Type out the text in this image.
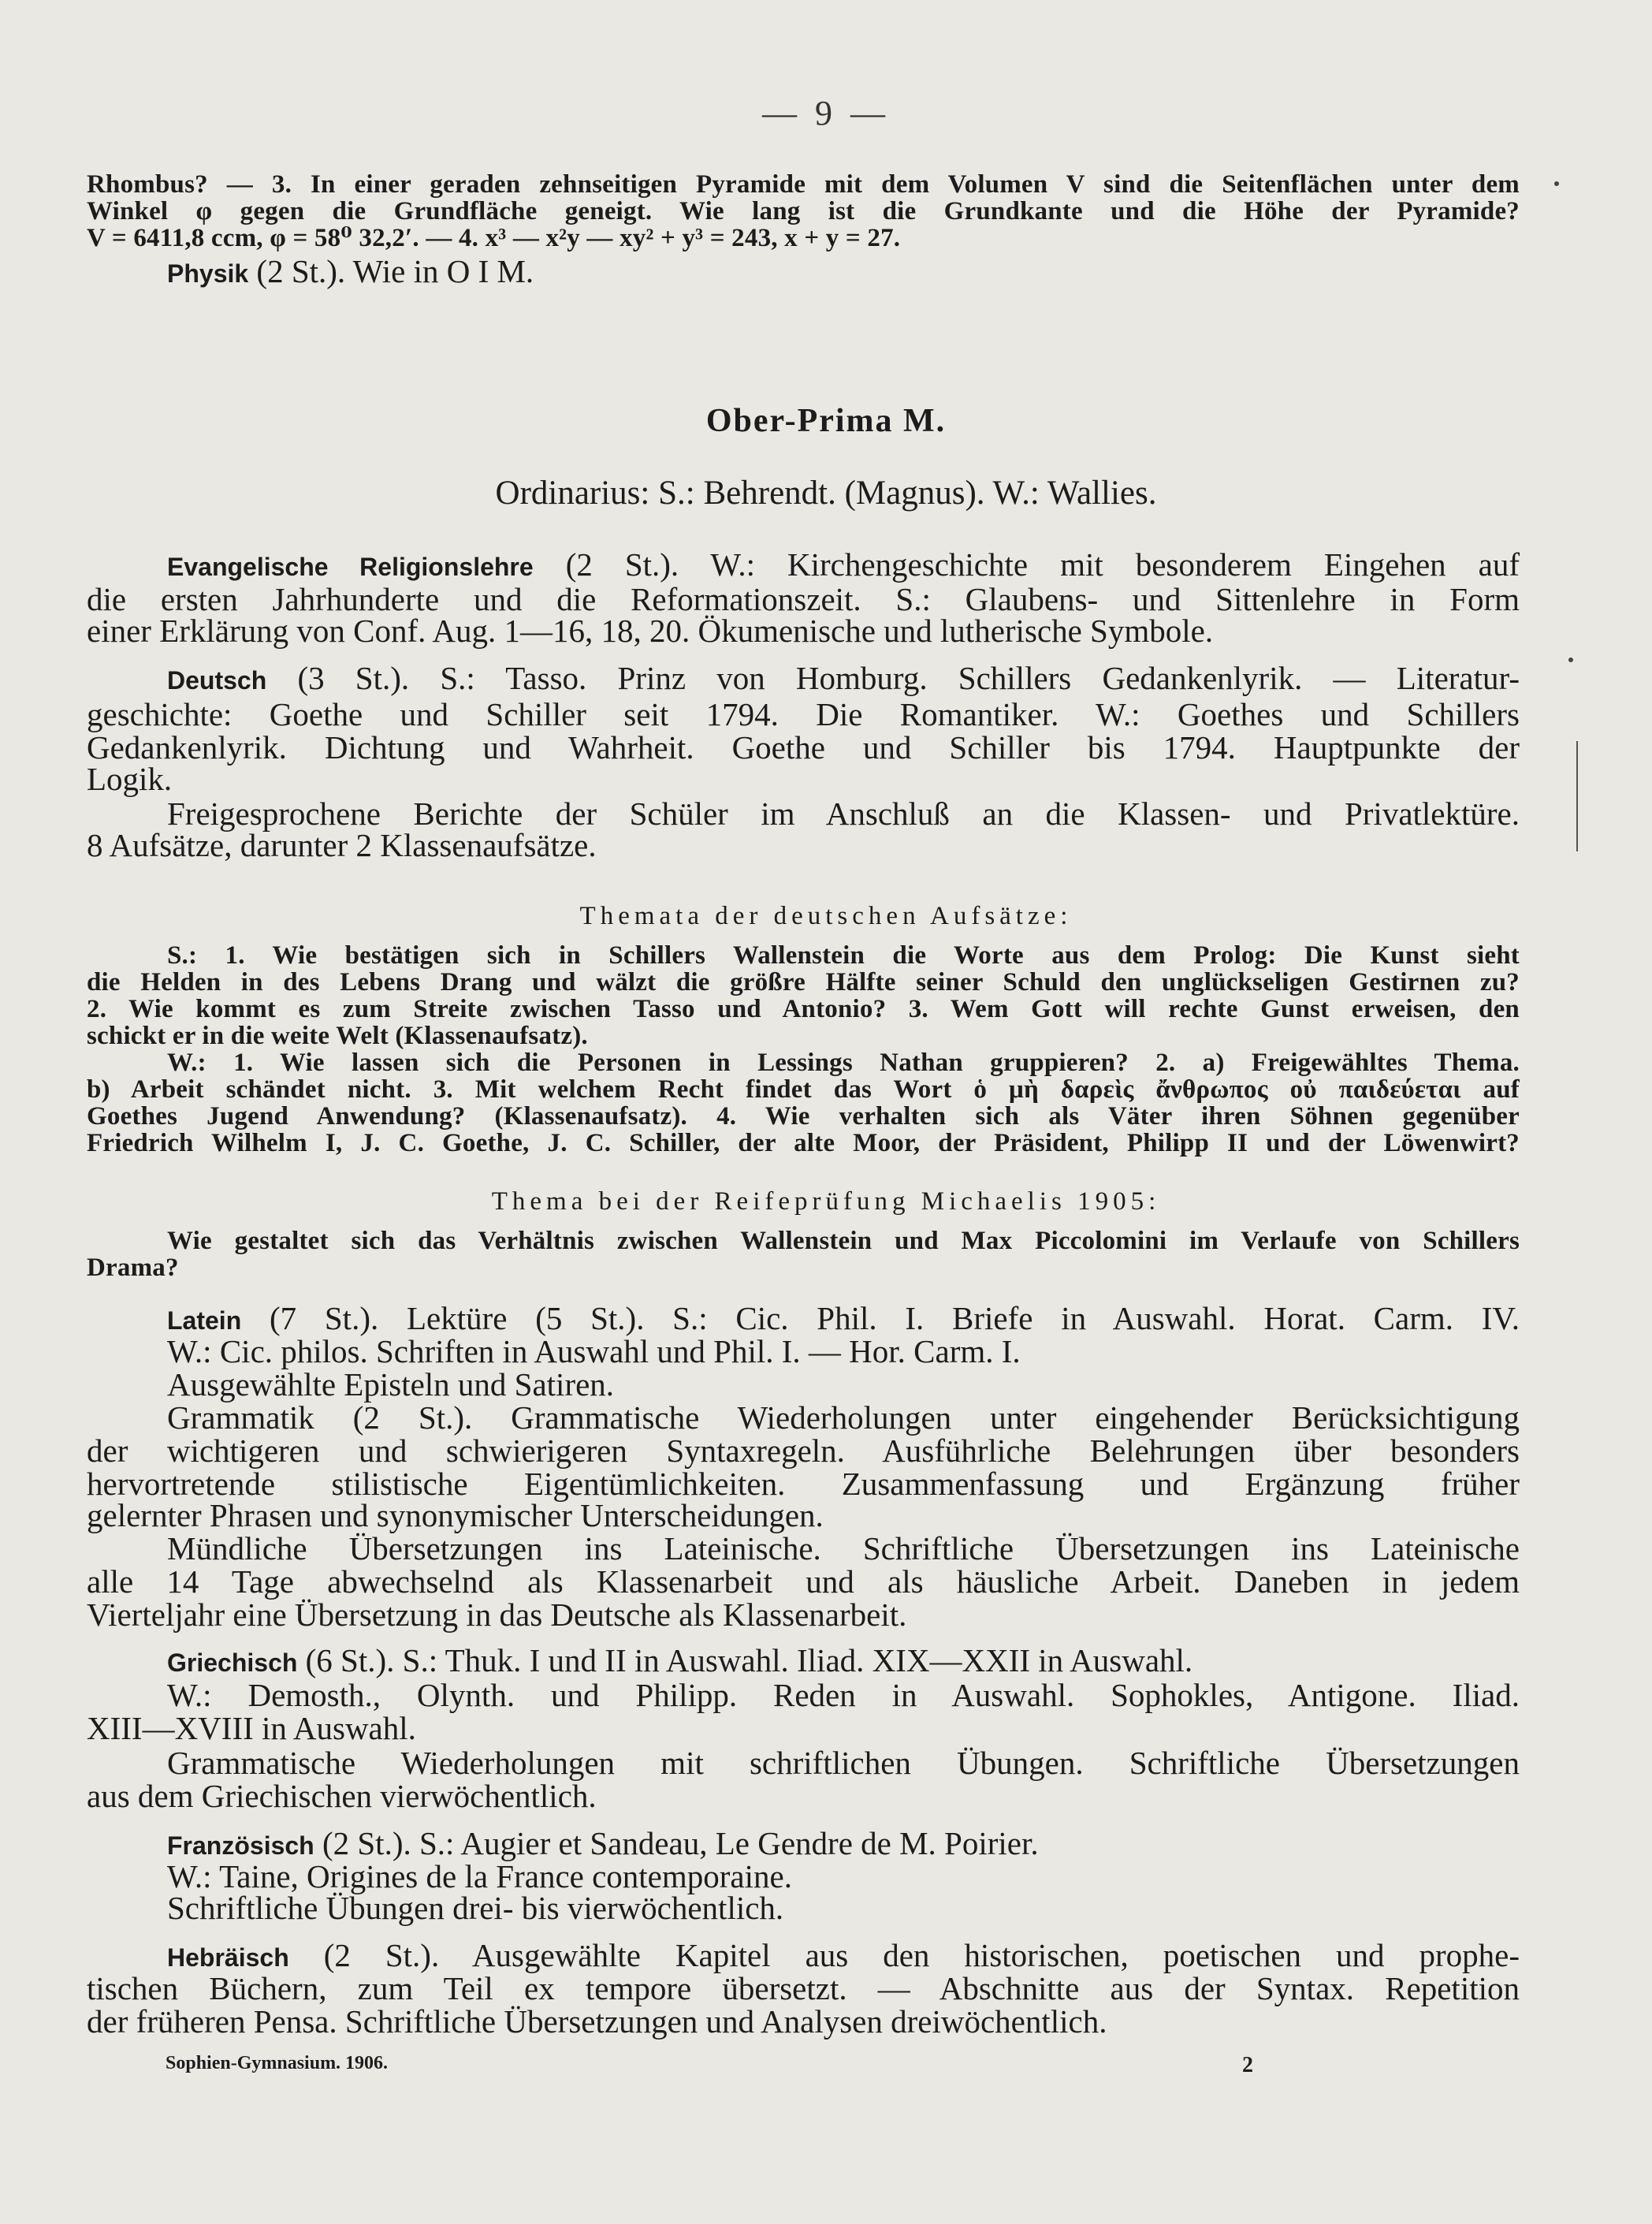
— 9 —
Rhombus? — 3. In einer geraden zehnseitigen Pyramide mit dem Volumen V sind die Seitenflächen unter dem
Winkel φ gegen die Grundfläche geneigt. Wie lang ist die Grundkante und die Höhe der Pyramide?
V = 6411,8 ccm, φ = 58⁰ 32,2′. — 4. x³ — x²y — xy² + y³ = 243, x + y = 27.
Physik (2 St.). Wie in O I M.
Ober-Prima M.
Ordinarius: S.: Behrendt. (Magnus). W.: Wallies.
Evangelische Religionslehre (2 St.). W.: Kirchengeschichte mit besonderem Eingehen auf
die ersten Jahrhunderte und die Reformationszeit. S.: Glaubens- und Sittenlehre in Form
einer Erklärung von Conf. Aug. 1—16, 18, 20. Ökumenische und lutherische Symbole.
Deutsch (3 St.). S.: Tasso. Prinz von Homburg. Schillers Gedankenlyrik. — Literatur-
geschichte: Goethe und Schiller seit 1794. Die Romantiker. W.: Goethes und Schillers
Gedankenlyrik. Dichtung und Wahrheit. Goethe und Schiller bis 1794. Hauptpunkte der
Logik.
Freigesprochene Berichte der Schüler im Anschluß an die Klassen- und Privatlektüre.
8 Aufsätze, darunter 2 Klassenaufsätze.
Themata der deutschen Aufsätze:
S.: 1. Wie bestätigen sich in Schillers Wallenstein die Worte aus dem Prolog: Die Kunst sieht
die Helden in des Lebens Drang und wälzt die größre Hälfte seiner Schuld den unglückseligen Gestirnen zu?
2. Wie kommt es zum Streite zwischen Tasso und Antonio? 3. Wem Gott will rechte Gunst erweisen, den
schickt er in die weite Welt (Klassenaufsatz).
W.: 1. Wie lassen sich die Personen in Lessings Nathan gruppieren? 2. a) Freigewähltes Thema.
b) Arbeit schändet nicht. 3. Mit welchem Recht findet das Wort ὁ μὴ δαρεὶς ἄνθρωπος οὐ παιδεύεται auf
Goethes Jugend Anwendung? (Klassenaufsatz). 4. Wie verhalten sich als Väter ihren Söhnen gegenüber
Friedrich Wilhelm I, J. C. Goethe, J. C. Schiller, der alte Moor, der Präsident, Philipp II und der Löwenwirt?
Thema bei der Reifeprüfung Michaelis 1905:
Wie gestaltet sich das Verhältnis zwischen Wallenstein und Max Piccolomini im Verlaufe von Schillers
Drama?
Latein (7 St.). Lektüre (5 St.). S.: Cic. Phil. I. Briefe in Auswahl. Horat. Carm. IV.
W.: Cic. philos. Schriften in Auswahl und Phil. I. — Hor. Carm. I.
Ausgewählte Episteln und Satiren.
Grammatik (2 St.). Grammatische Wiederholungen unter eingehender Berücksichtigung
der wichtigeren und schwierigeren Syntaxregeln. Ausführliche Belehrungen über besonders
hervortretende stilistische Eigentümlichkeiten. Zusammenfassung und Ergänzung früher
gelernter Phrasen und synonymischer Unterscheidungen.
Mündliche Übersetzungen ins Lateinische. Schriftliche Übersetzungen ins Lateinische
alle 14 Tage abwechselnd als Klassenarbeit und als häusliche Arbeit. Daneben in jedem
Vierteljahr eine Übersetzung in das Deutsche als Klassenarbeit.
Griechisch (6 St.). S.: Thuk. I und II in Auswahl. Iliad. XIX—XXII in Auswahl.
W.: Demosth., Olynth. und Philipp. Reden in Auswahl. Sophokles, Antigone. Iliad.
XIII—XVIII in Auswahl.
Grammatische Wiederholungen mit schriftlichen Übungen. Schriftliche Übersetzungen
aus dem Griechischen vierwöchentlich.
Französisch (2 St.). S.: Augier et Sandeau, Le Gendre de M. Poirier.
W.: Taine, Origines de la France contemporaine.
Schriftliche Übungen drei- bis vierwöchentlich.
Hebräisch (2 St.). Ausgewählte Kapitel aus den historischen, poetischen und prophe-
tischen Büchern, zum Teil ex tempore übersetzt. — Abschnitte aus der Syntax. Repetition
der früheren Pensa. Schriftliche Übersetzungen und Analysen dreiwöchentlich.
Sophien-Gymnasium. 1906.	2
